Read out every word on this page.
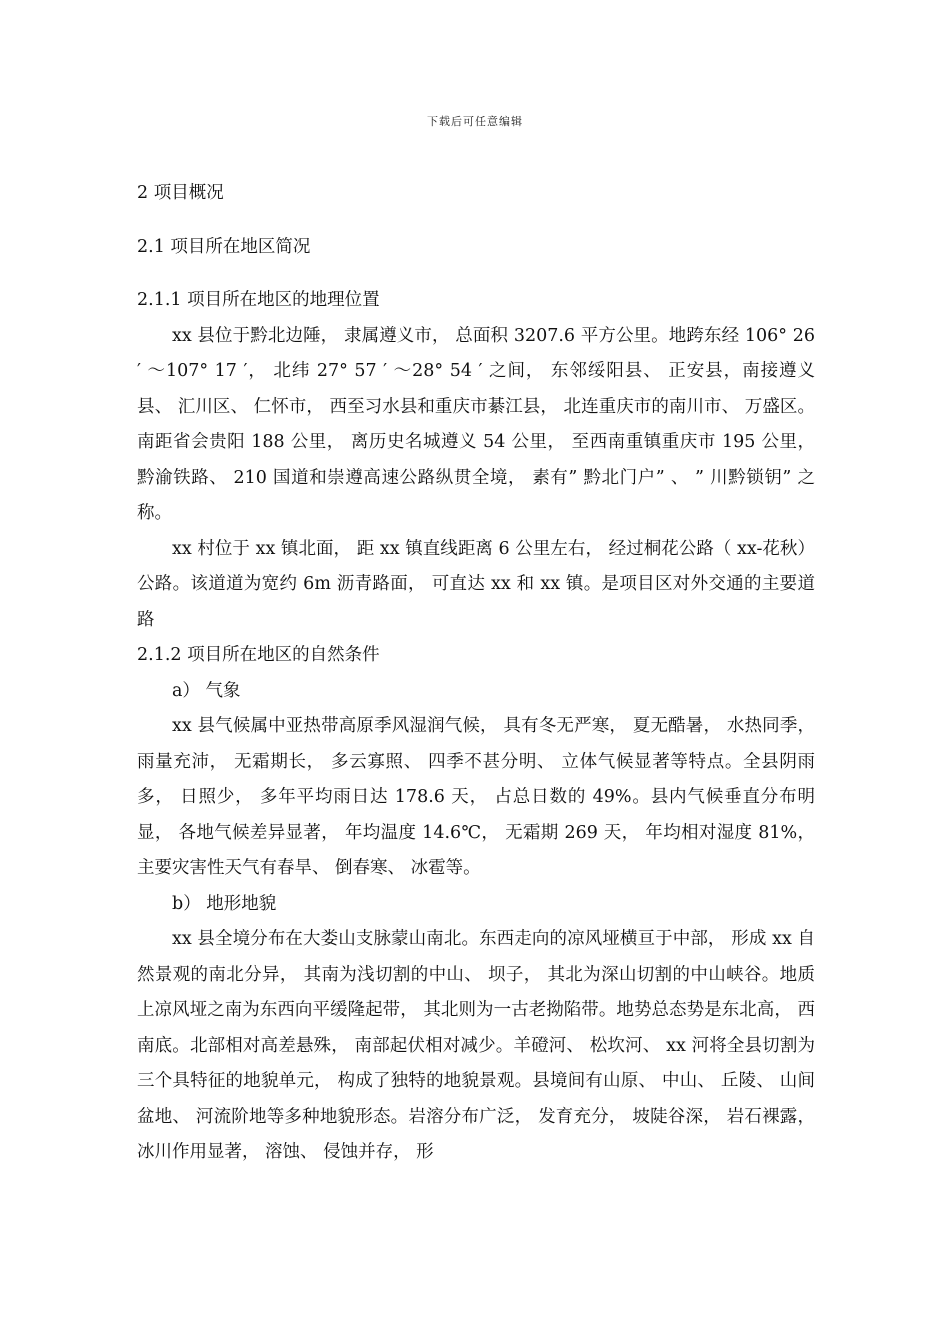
下载后可任意编辑
2 项目概况
2.1 项目所在地区简况
2.1.1 项目所在地区的地理位置

xx 县位于黔北边陲， 隶属遵义市， 总面积 3207.6 平方公里。地跨东经 106° 26 ′ ～107° 17 ′， 北纬 27° 57 ′ ～28° 54 ′ 之间， 东邻绥阳县、 正安县，南接遵义县、 汇川区、 仁怀市， 西至习水县和重庆市綦江县， 北连重庆市的南川市、 万盛区。南距省会贵阳 188 公里， 离历史名城遵义 54 公里， 至西南重镇重庆市 195 公里， 黔渝铁路、 210 国道和崇遵高速公路纵贯全境， 素有” 黔北门户” 、 ” 川黔锁钥” 之称。

xx 村位于 xx 镇北面， 距 xx 镇直线距离 6 公里左右， 经过桐花公路（ xx-花秋） 公路。该道道为宽约 6m 沥青路面， 可直达 xx 和 xx 镇。是项目区对外交通的主要道路

2.1.2 项目所在地区的自然条件

a） 气象

xx 县气候属中亚热带高原季风湿润气候， 具有冬无严寒， 夏无酷暑， 水热同季， 雨量充沛， 无霜期长， 多云寡照、 四季不甚分明、 立体气候显著等特点。全县阴雨多， 日照少， 多年平均雨日达 178.6 天， 占总日数的 49%。县内气候垂直分布明显， 各地气候差异显著， 年均温度 14.6℃， 无霜期 269 天， 年均相对湿度 81%， 主要灾害性天气有春旱、 倒春寒、 冰雹等。

b） 地形地貌

xx 县全境分布在大娄山支脉蒙山南北。东西走向的凉风垭横亘于中部， 形成 xx 自然景观的南北分异， 其南为浅切割的中山、 坝子， 其北为深山切割的中山峡谷。地质上凉风垭之南为东西向平缓隆起带， 其北则为一古老拗陷带。地势总态势是东北高， 西南底。北部相对高差悬殊， 南部起伏相对减少。羊磴河、 松坎河、 xx 河将全县切割为三个具特征的地貌单元， 构成了独特的地貌景观。县境间有山原、 中山、 丘陵、 山间盆地、 河流阶地等多种地貌形态。岩溶分布广泛， 发育充分， 坡陡谷深， 岩石裸露， 冰川作用显著， 溶蚀、 侵蚀并存， 形
